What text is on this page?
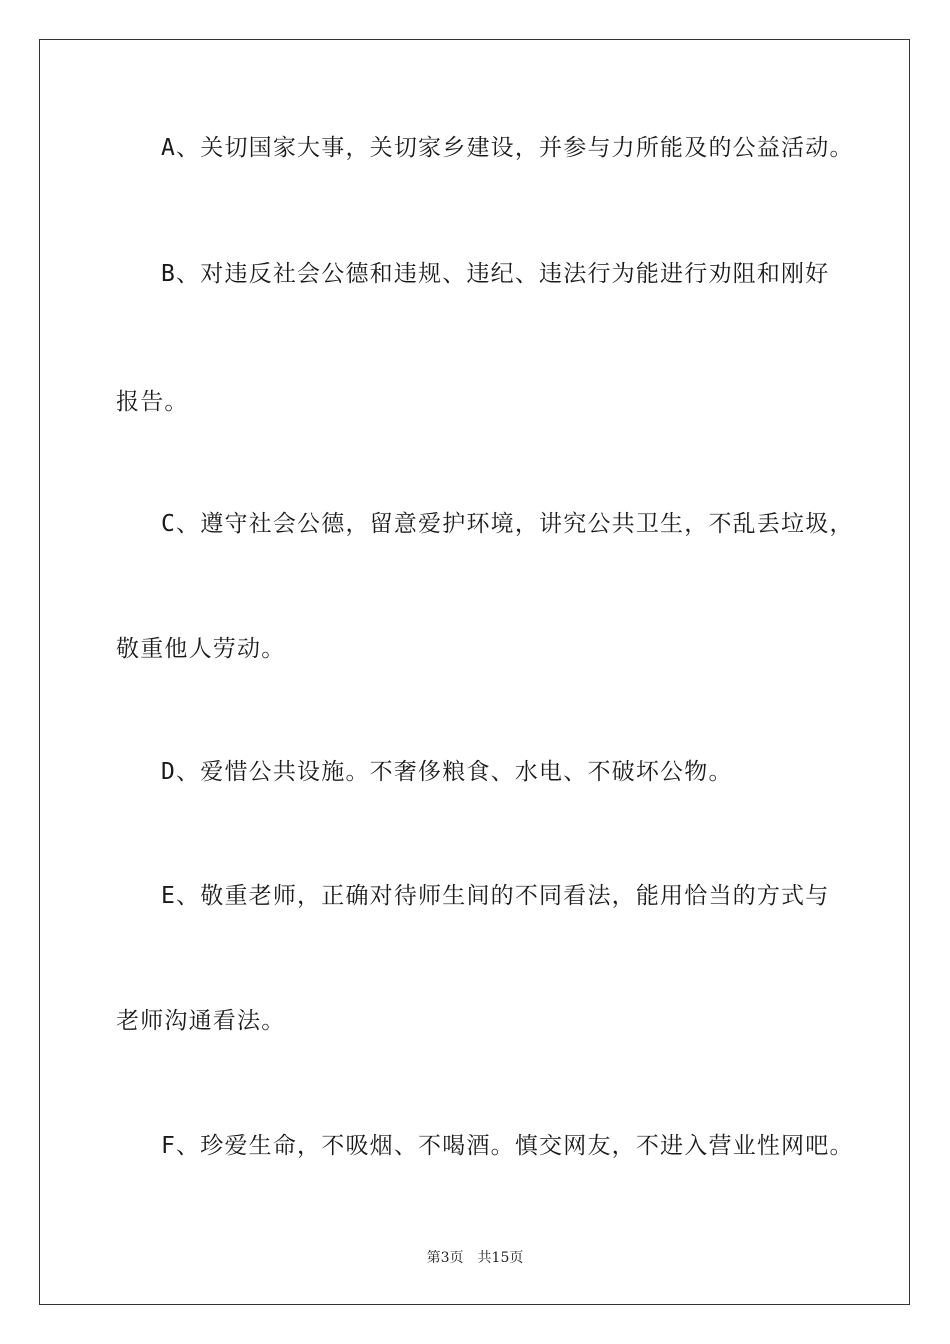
A、关切国家大事，关切家乡建设，并参与力所能及的公益活动。
B、对违反社会公德和违规、违纪、违法行为能进行劝阻和刚好
报告。
C、遵守社会公德，留意爱护环境，讲究公共卫生，不乱丢垃圾，
敬重他人劳动。
D、爱惜公共设施。不奢侈粮食、水电、不破坏公物。
E、敬重老师，正确对待师生间的不同看法，能用恰当的方式与
老师沟通看法。
F、珍爱生命，不吸烟、不喝酒。慎交网友，不进入营业性网吧。
第3页 共15页
